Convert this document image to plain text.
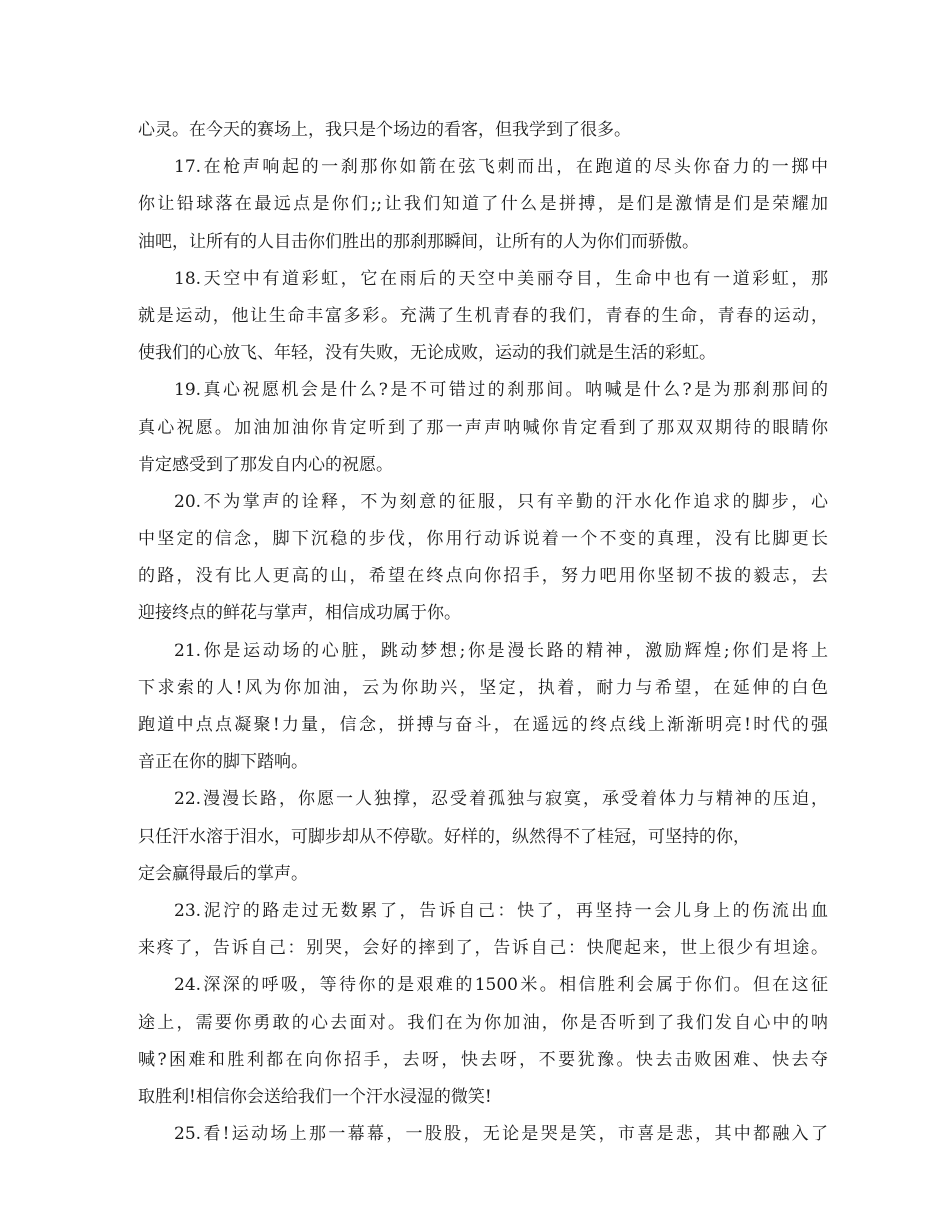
心灵。在今天的赛场上，我只是个场边的看客，但我学到了很多。
17.在枪声响起的一刹那你如箭在弦飞刺而出，在跑道的尽头你奋力的一掷中
你让铅球落在最远点是你们;;让我们知道了什么是拼搏，是们是激情是们是荣耀加
油吧，让所有的人目击你们胜出的那刹那瞬间，让所有的人为你们而骄傲。
18.天空中有道彩虹，它在雨后的天空中美丽夺目，生命中也有一道彩虹，那
就是运动，他让生命丰富多彩。充满了生机青春的我们，青春的生命，青春的运动，
使我们的心放飞、年轻，没有失败，无论成败，运动的我们就是生活的彩虹。
19.真心祝愿机会是什么?是不可错过的刹那间。呐喊是什么?是为那刹那间的
真心祝愿。加油加油你肯定听到了那一声声呐喊你肯定看到了那双双期待的眼睛你
肯定感受到了那发自内心的祝愿。
20.不为掌声的诠释，不为刻意的征服，只有辛勤的汗水化作追求的脚步，心
中坚定的信念，脚下沉稳的步伐，你用行动诉说着一个不变的真理，没有比脚更长
的路，没有比人更高的山，希望在终点向你招手，努力吧用你坚韧不拔的毅志，去
迎接终点的鲜花与掌声，相信成功属于你。
21.你是运动场的心脏，跳动梦想;你是漫长路的精神，激励辉煌;你们是将上
下求索的人!风为你加油，云为你助兴，坚定，执着，耐力与希望，在延伸的白色
跑道中点点凝聚!力量，信念，拼搏与奋斗，在遥远的终点线上渐渐明亮!时代的强
音正在你的脚下踏响。
22.漫漫长路，你愿一人独撑，忍受着孤独与寂寞，承受着体力与精神的压迫，
只任汗水溶于泪水，可脚步却从不停歇。好样的，纵然得不了桂冠，可坚持的你，
定会赢得最后的掌声。
23.泥泞的路走过无数累了，告诉自己：快了，再坚持一会儿身上的伤流出血
来疼了，告诉自己：别哭，会好的摔到了，告诉自己：快爬起来，世上很少有坦途。
24.深深的呼吸，等待你的是艰难的1500米。相信胜利会属于你们。但在这征
途上，需要你勇敢的心去面对。我们在为你加油，你是否听到了我们发自心中的呐
喊?困难和胜利都在向你招手，去呀，快去呀，不要犹豫。快去击败困难、快去夺
取胜利!相信你会送给我们一个汗水浸湿的微笑!
25.看!运动场上那一幕幕，一股股，无论是哭是笑，市喜是悲，其中都融入了
